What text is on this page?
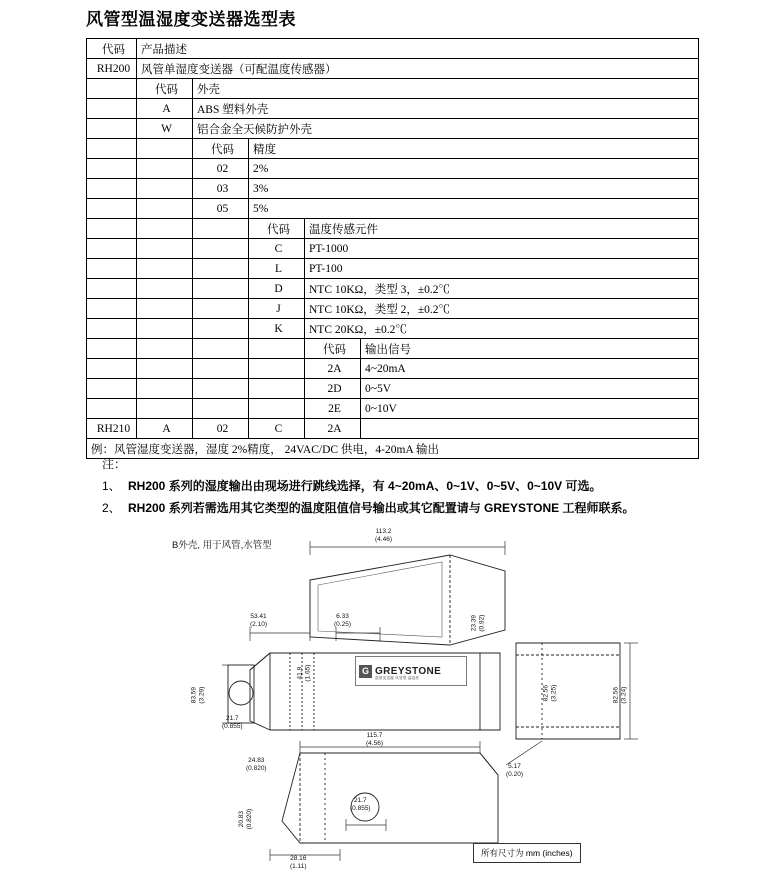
风管型温湿度变送器选型表
代码	产品描述				
RH200	风管单湿度变送器（可配温度传感器）				
	代码	外壳			
	A	ABS 塑料外壳			
	W	铝合金全天候防护外壳			
		代码	精度		
		02	2%		
		03	3%		
		05	5%		
			代码	温度传感元件	
			C	PT-1000	
			L	PT-100	
			D	NTC 10KΩ，类型 3，±0.2℃	
			J	NTC 10KΩ，类型 2，±0.2℃	
			K	NTC 20KΩ，±0.2℃	
				代码	输出信号
				2A	4~20mA
				2D	0~5V
				2E	0~10V
RH210	A	02	C	2A	
例：风管湿度变送器，湿度 2%精度， 24VAC/DC 供电，4-20mA 输出					
注：
1、 RH200 系列的湿度输出由现场进行跳线选择，有 4~20mA、0~1V、0~5V、0~10V 可选。
2、 RH200 系列若需选用其它类型的温度阻值信号输出或其它配置请与 GREYSTONE 工程师联系。
B外壳, 用于风管,水管型
113.2
(4.46)
53.41
(2.10)
6.33
(0.25)
41.9
(1.65)
83.59
(3.29)	82.56
(3.24)
82.56
(3.25)
21.7
(0.855)
115.7
(4.56)
5.17
(0.20)
24.83
(0.820)
21.7
(0.855)
20.83
(0.820)
28.16
(1.11)
23.39
(0.92)
G GREYSTONE
湿度变送器 风管型 温湿度
所有尺寸为 mm (inches)
